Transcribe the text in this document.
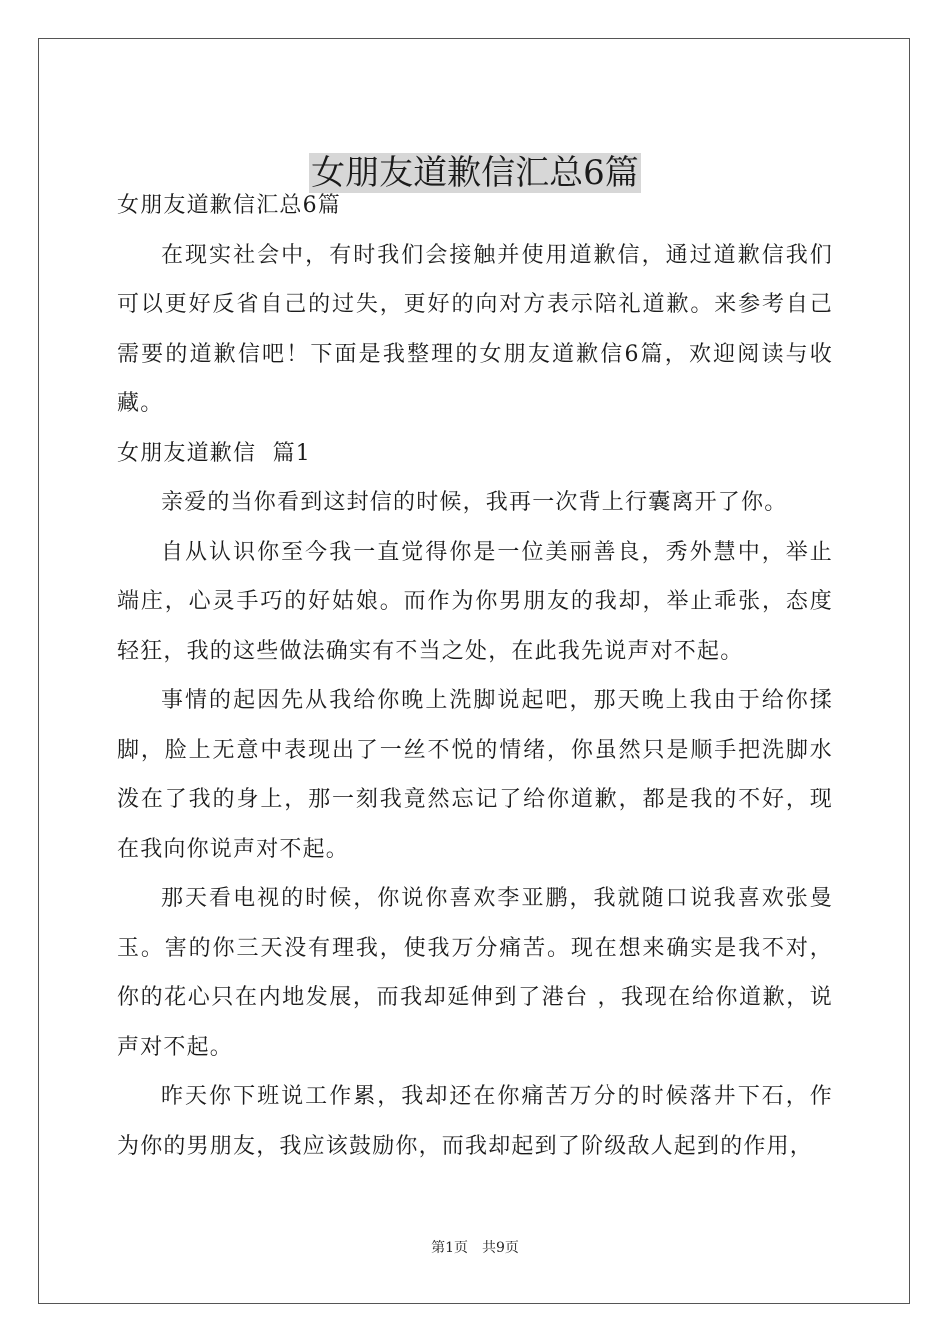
女朋友道歉信汇总6篇

女朋友道歉信汇总6篇

在现实社会中，有时我们会接触并使用道歉信，通过道歉信我们可以更好反省自己的过失，更好的向对方表示陪礼道歉。来参考自己需要的道歉信吧！下面是我整理的女朋友道歉信6篇，欢迎阅读与收藏。

女朋友道歉信  篇1

亲爱的当你看到这封信的时候，我再一次背上行囊离开了你。

自从认识你至今我一直觉得你是一位美丽善良，秀外慧中，举止端庄，心灵手巧的好姑娘。而作为你男朋友的我却，举止乖张，态度轻狂，我的这些做法确实有不当之处，在此我先说声对不起。

事情的起因先从我给你晚上洗脚说起吧，那天晚上我由于给你揉脚，脸上无意中表现出了一丝不悦的情绪，你虽然只是顺手把洗脚水泼在了我的身上，那一刻我竟然忘记了给你道歉，都是我的不好，现在我向你说声对不起。

那天看电视的时候，你说你喜欢李亚鹏，我就随口说我喜欢张曼玉。害的你三天没有理我，使我万分痛苦。现在想来确实是我不对，你的花心只在内地发展，而我却延伸到了港台 ，我现在给你道歉，说声对不起。

昨天你下班说工作累，我却还在你痛苦万分的时候落井下石，作为你的男朋友，我应该鼓励你，而我却起到了阶级敌人起到的作用，

第1页 共9页
